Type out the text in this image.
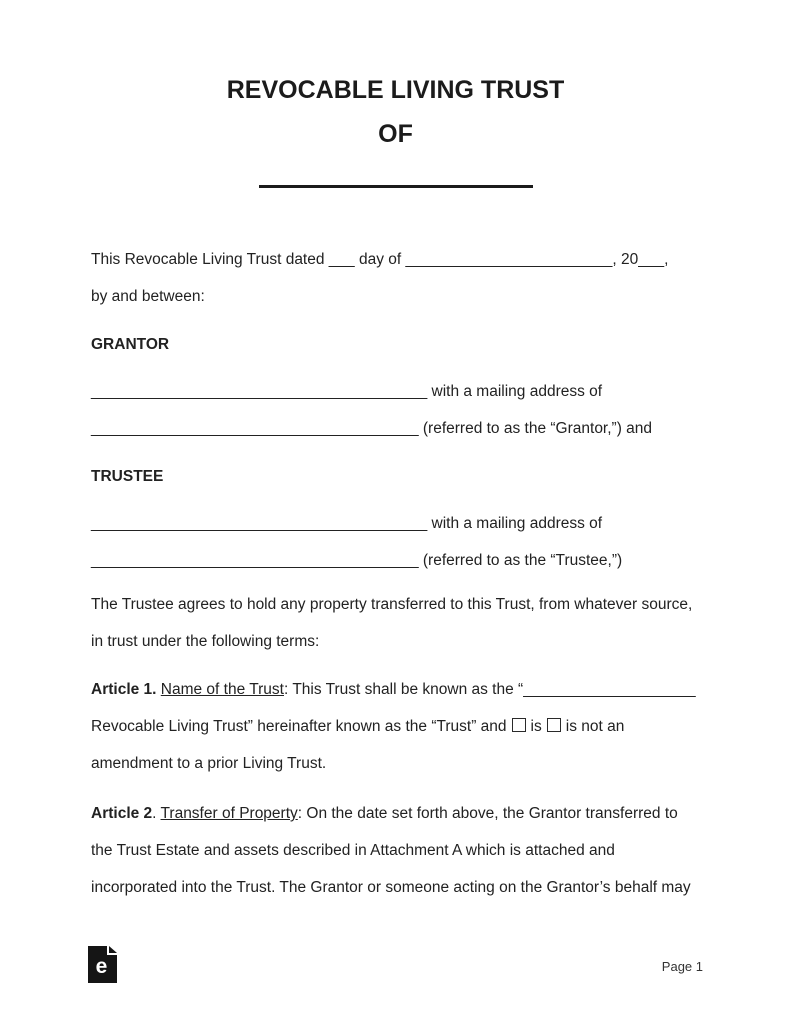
REVOCABLE LIVING TRUST
OF
This Revocable Living Trust dated ___ day of ________________________, 20___,
by and between:
GRANTOR
_______________________________________ with a mailing address of
______________________________________ (referred to as the “Grantor,”) and
TRUSTEE
_______________________________________ with a mailing address of
______________________________________ (referred to as the “Trustee,”)
The Trustee agrees to hold any property transferred to this Trust, from whatever source,
in trust under the following terms:
Article 1. Name of the Trust: This Trust shall be known as the “____________________
Revocable Living Trust” hereinafter known as the “Trust” and is is not an
amendment to a prior Living Trust.
Article 2. Transfer of Property: On the date set forth above, the Grantor transferred to
the Trust Estate and assets described in Attachment A which is attached and
incorporated into the Trust. The Grantor or someone acting on the Grantor’s behalf may
e	Page 1
